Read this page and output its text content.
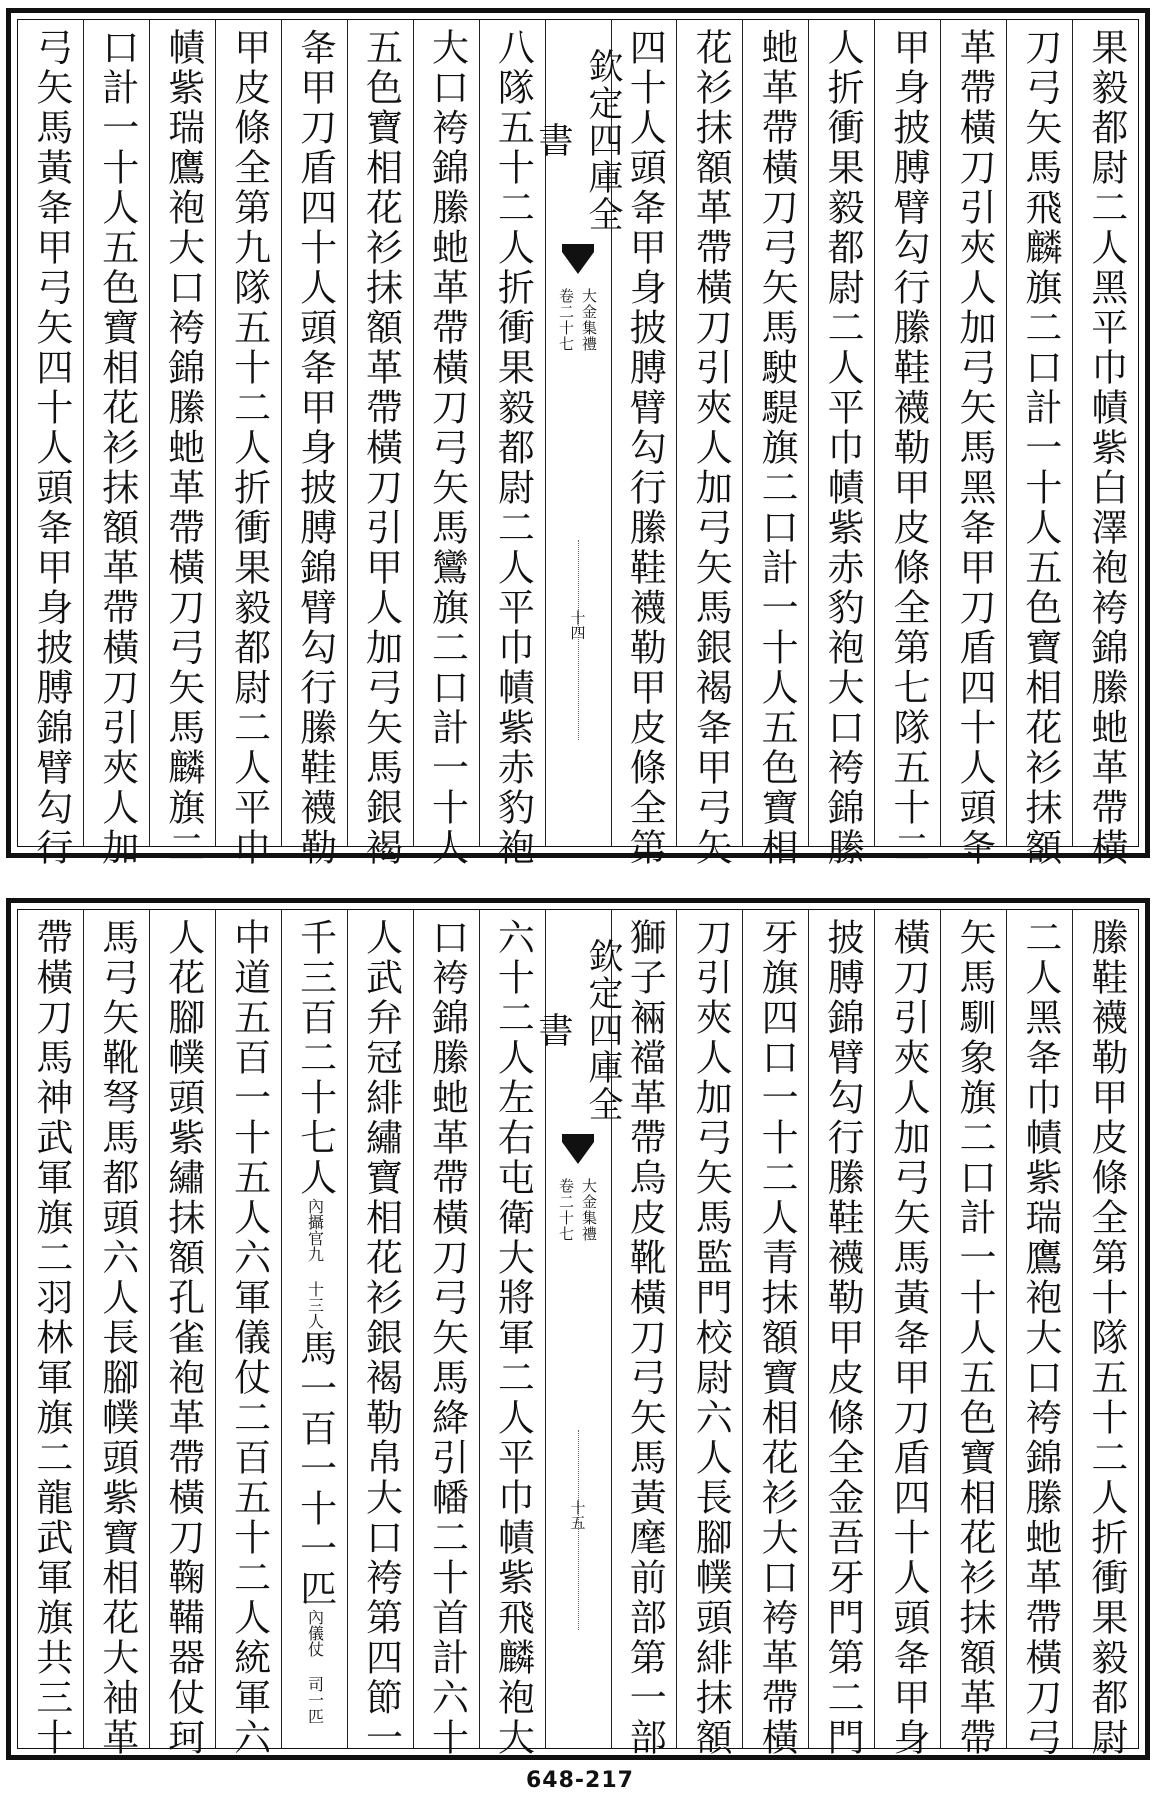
果毅都尉二人黑平巾幘紫白澤袍袴錦縢虵革帶橫
刀弓矢馬飛麟旗二口計一十人五色寶相花衫抹額
革帶橫刀引夾人加弓矢馬黑夅甲刀盾四十人頭夅
甲身披膊臂勾行縢鞋襪勒甲皮條全第七隊五十二
人折衝果毅都尉二人平巾幘紫赤豹袍大口袴錦縢
虵革帶橫刀弓矢馬駛騠旗二口計一十人五色寶相
花衫抹額革帶橫刀引夾人加弓矢馬銀褐夅甲弓矢
四十人頭夅甲身披膊臂勾行縢鞋襪勒甲皮條全第
欽定四庫全書
大金集禮
卷二十七
十四
八隊五十二人折衝果毅都尉二人平巾幘紫赤豹袍
大口袴錦縢虵革帶橫刀弓矢馬鸞旗二口計一十人
五色寶相花衫抹額革帶橫刀引甲人加弓矢馬銀褐
夅甲刀盾四十人頭夅甲身披膊錦臂勾行縢鞋襪勒
甲皮條全第九隊五十二人折衝果毅都尉二人平巾
幘紫瑞鷹袍大口袴錦縢虵革帶橫刀弓矢馬麟旗二
口計一十人五色寶相花衫抹額革帶橫刀引夾人加
弓矢馬黃夅甲弓矢四十人頭夅甲身披膊錦臂勾行
縢鞋襪勒甲皮條全第十隊五十二人折衝果毅都尉
二人黑夅巾幘紫瑞鷹袍大口袴錦縢虵革帶橫刀弓
矢馬馴象旗二口計一十人五色寶相花衫抹額革帶
橫刀引夾人加弓矢馬黃夅甲刀盾四十人頭夅甲身
披膊錦臂勾行縢鞋襪勒甲皮條全金吾牙門第二門
牙旗四口一十二人青抹額寶相花衫大口袴革帶橫
刀引夾人加弓矢馬監門校尉六人長腳幞頭緋抹額
獅子裲襠革帶烏皮靴橫刀弓矢馬黃麾前部第一部
欽定四庫全書
大金集禮
卷二十七
十五
六十二人左右屯衛大將軍二人平巾幘紫飛麟袍大
口袴錦縢虵革帶橫刀弓矢馬絳引幡二十首計六十
人武弁冠緋繡寶相花衫銀褐勒帛大口袴第四節一
千三百二十七人
內攝官九 十三人
馬一百一十一匹
內儀仗 司一匹
中道五百一十五人六軍儀仗二百五十二人統軍六
人花腳幞頭紫繡抹額孔雀袍革帶橫刀鞠鞴器仗珂
馬弓矢靴弩馬都頭六人長腳幞頭紫寶相花大袖革
帶橫刀馬神武軍旗二羽林軍旗二龍武軍旗共三十
648-217
